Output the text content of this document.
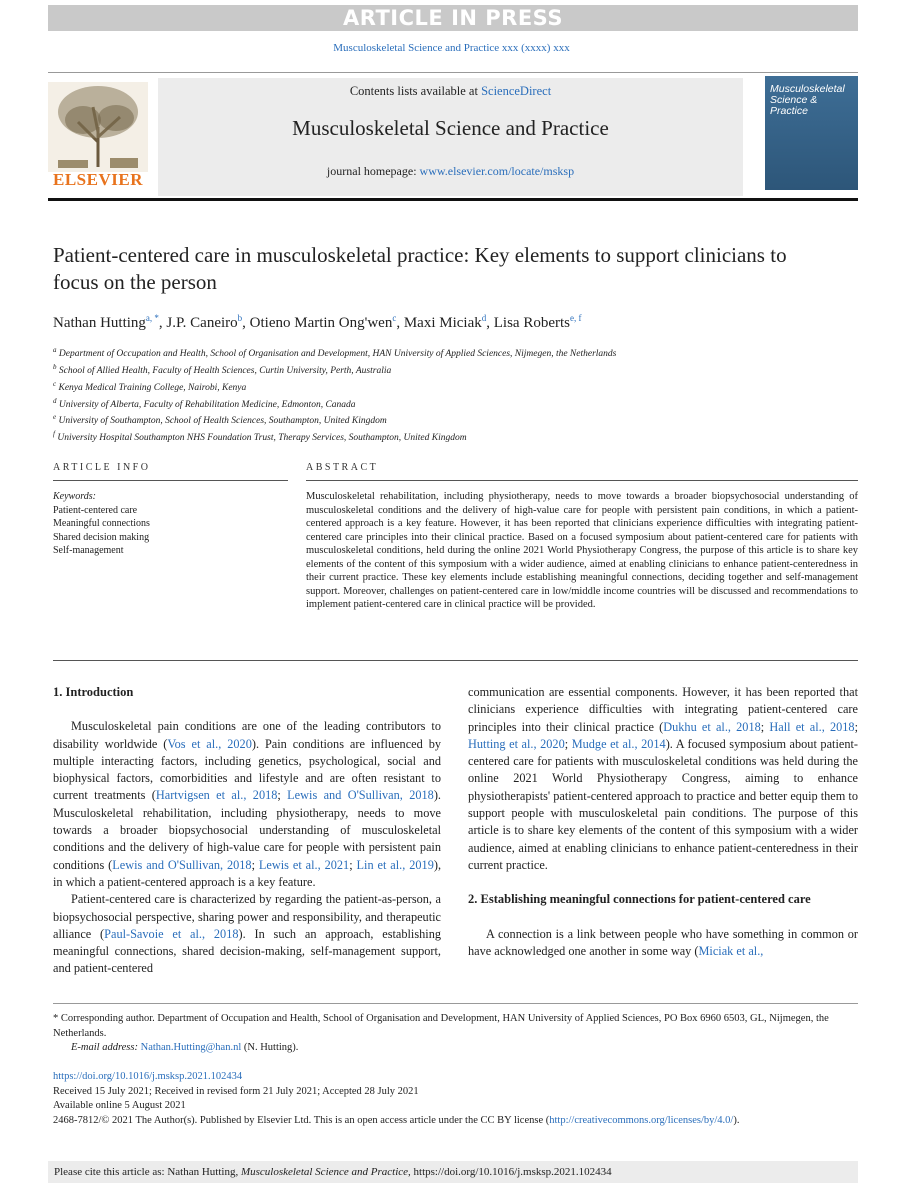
ARTICLE IN PRESS
Musculoskeletal Science and Practice xxx (xxxx) xxx
ELSEVIER
Contents lists available at ScienceDirect
Musculoskeletal Science and Practice
journal homepage: www.elsevier.com/locate/msksp
Musculoskeletal Science & Practice
Patient-centered care in musculoskeletal practice: Key elements to support clinicians to focus on the person
Nathan Hutting$^{a, *}$, J.P. Caneiro$^b$, Otieno Martin Ong'wen$^c$, Maxi Miciak$^d$, Lisa Roberts$^{e, f}$
$^a$ Department of Occupation and Health, School of Organisation and Development, HAN University of Applied Sciences, Nijmegen, the Netherlands
$^b$ School of Allied Health, Faculty of Health Sciences, Curtin University, Perth, Australia
$^c$ Kenya Medical Training College, Nairobi, Kenya
$^d$ University of Alberta, Faculty of Rehabilitation Medicine, Edmonton, Canada
$^e$ University of Southampton, School of Health Sciences, Southampton, United Kingdom
$^f$ University Hospital Southampton NHS Foundation Trust, Therapy Services, Southampton, United Kingdom
ARTICLE INFO	ABSTRACT
Keywords:
Patient-centered care
Meaningful connections
Shared decision making
Self-management
Musculoskeletal rehabilitation, including physiotherapy, needs to move towards a broader biopsychosocial understanding of musculoskeletal conditions and the delivery of high-value care for people with persistent pain conditions, in which a patient-centered approach is a key feature. However, it has been reported that clinicians experience difficulties with integrating patient-centered care principles into their clinical practice. Based on a focused symposium about patient-centered care for patients with musculoskeletal conditions, held during the online 2021 World Physiotherapy Congress, the purpose of this article is to share key elements of the content of this symposium with a wider audience, aimed at enabling clinicians to enhance patient-centeredness in their current practice. These key elements include establishing meaningful connections, deciding together and self-management support. Moreover, challenges on patient-centered care in low/middle income countries will be discussed and recommendations to implement patient-centered care in clinical practice will be provided.
1. Introduction

Musculoskeletal pain conditions are one of the leading contributors to disability worldwide (Vos et al., 2020). Pain conditions are influenced by multiple interacting factors, including genetics, psychological, social and biophysical factors, comorbidities and lifestyle and are often resistant to current treatments (Hartvigsen et al., 2018; Lewis and O'Sullivan, 2018). Musculoskeletal rehabilitation, including physiotherapy, needs to move towards a broader biopsychosocial understanding of musculoskeletal conditions and the delivery of high-value care for people with persistent pain conditions (Lewis and O'Sullivan, 2018; Lewis et al., 2021; Lin et al., 2019), in which a patient-centered approach is a key feature.

Patient-centered care is characterized by regarding the patient-as-person, a biopsychosocial perspective, sharing power and responsibility, and therapeutic alliance (Paul-Savoie et al., 2018). In such an approach, establishing meaningful connections, shared decision-making, self-management support, and patient-centered

communication are essential components. However, it has been reported that clinicians experience difficulties with integrating patient-centered care principles into their clinical practice (Dukhu et al., 2018; Hall et al., 2018; Hutting et al., 2020; Mudge et al., 2014). A focused symposium about patient-centered care for patients with musculoskeletal conditions was held during the online 2021 World Physiotherapy Congress, aiming to enhance physiotherapists' patient-centered approach to practice and better equip them to support people with musculoskeletal pain conditions. The purpose of this article is to share key elements of the content of this symposium with a wider audience, aimed at enabling clinicians to enhance patient-centeredness in their current practice.

2. Establishing meaningful connections for patient-centered care

A connection is a link between people who have something in common or have acknowledged one another in some way (Miciak et al.,

* Corresponding author. Department of Occupation and Health, School of Organisation and Development, HAN University of Applied Sciences, PO Box 6960 6503, GL, Nijmegen, the Netherlands.
E-mail address: Nathan.Hutting@han.nl (N. Hutting).
https://doi.org/10.1016/j.msksp.2021.102434
Received 15 July 2021; Received in revised form 21 July 2021; Accepted 28 July 2021
Available online 5 August 2021
2468-7812/© 2021 The Author(s). Published by Elsevier Ltd. This is an open access article under the CC BY license (http://creativecommons.org/licenses/by/4.0/).
Please cite this article as: Nathan Hutting, Musculoskeletal Science and Practice, https://doi.org/10.1016/j.msksp.2021.102434
